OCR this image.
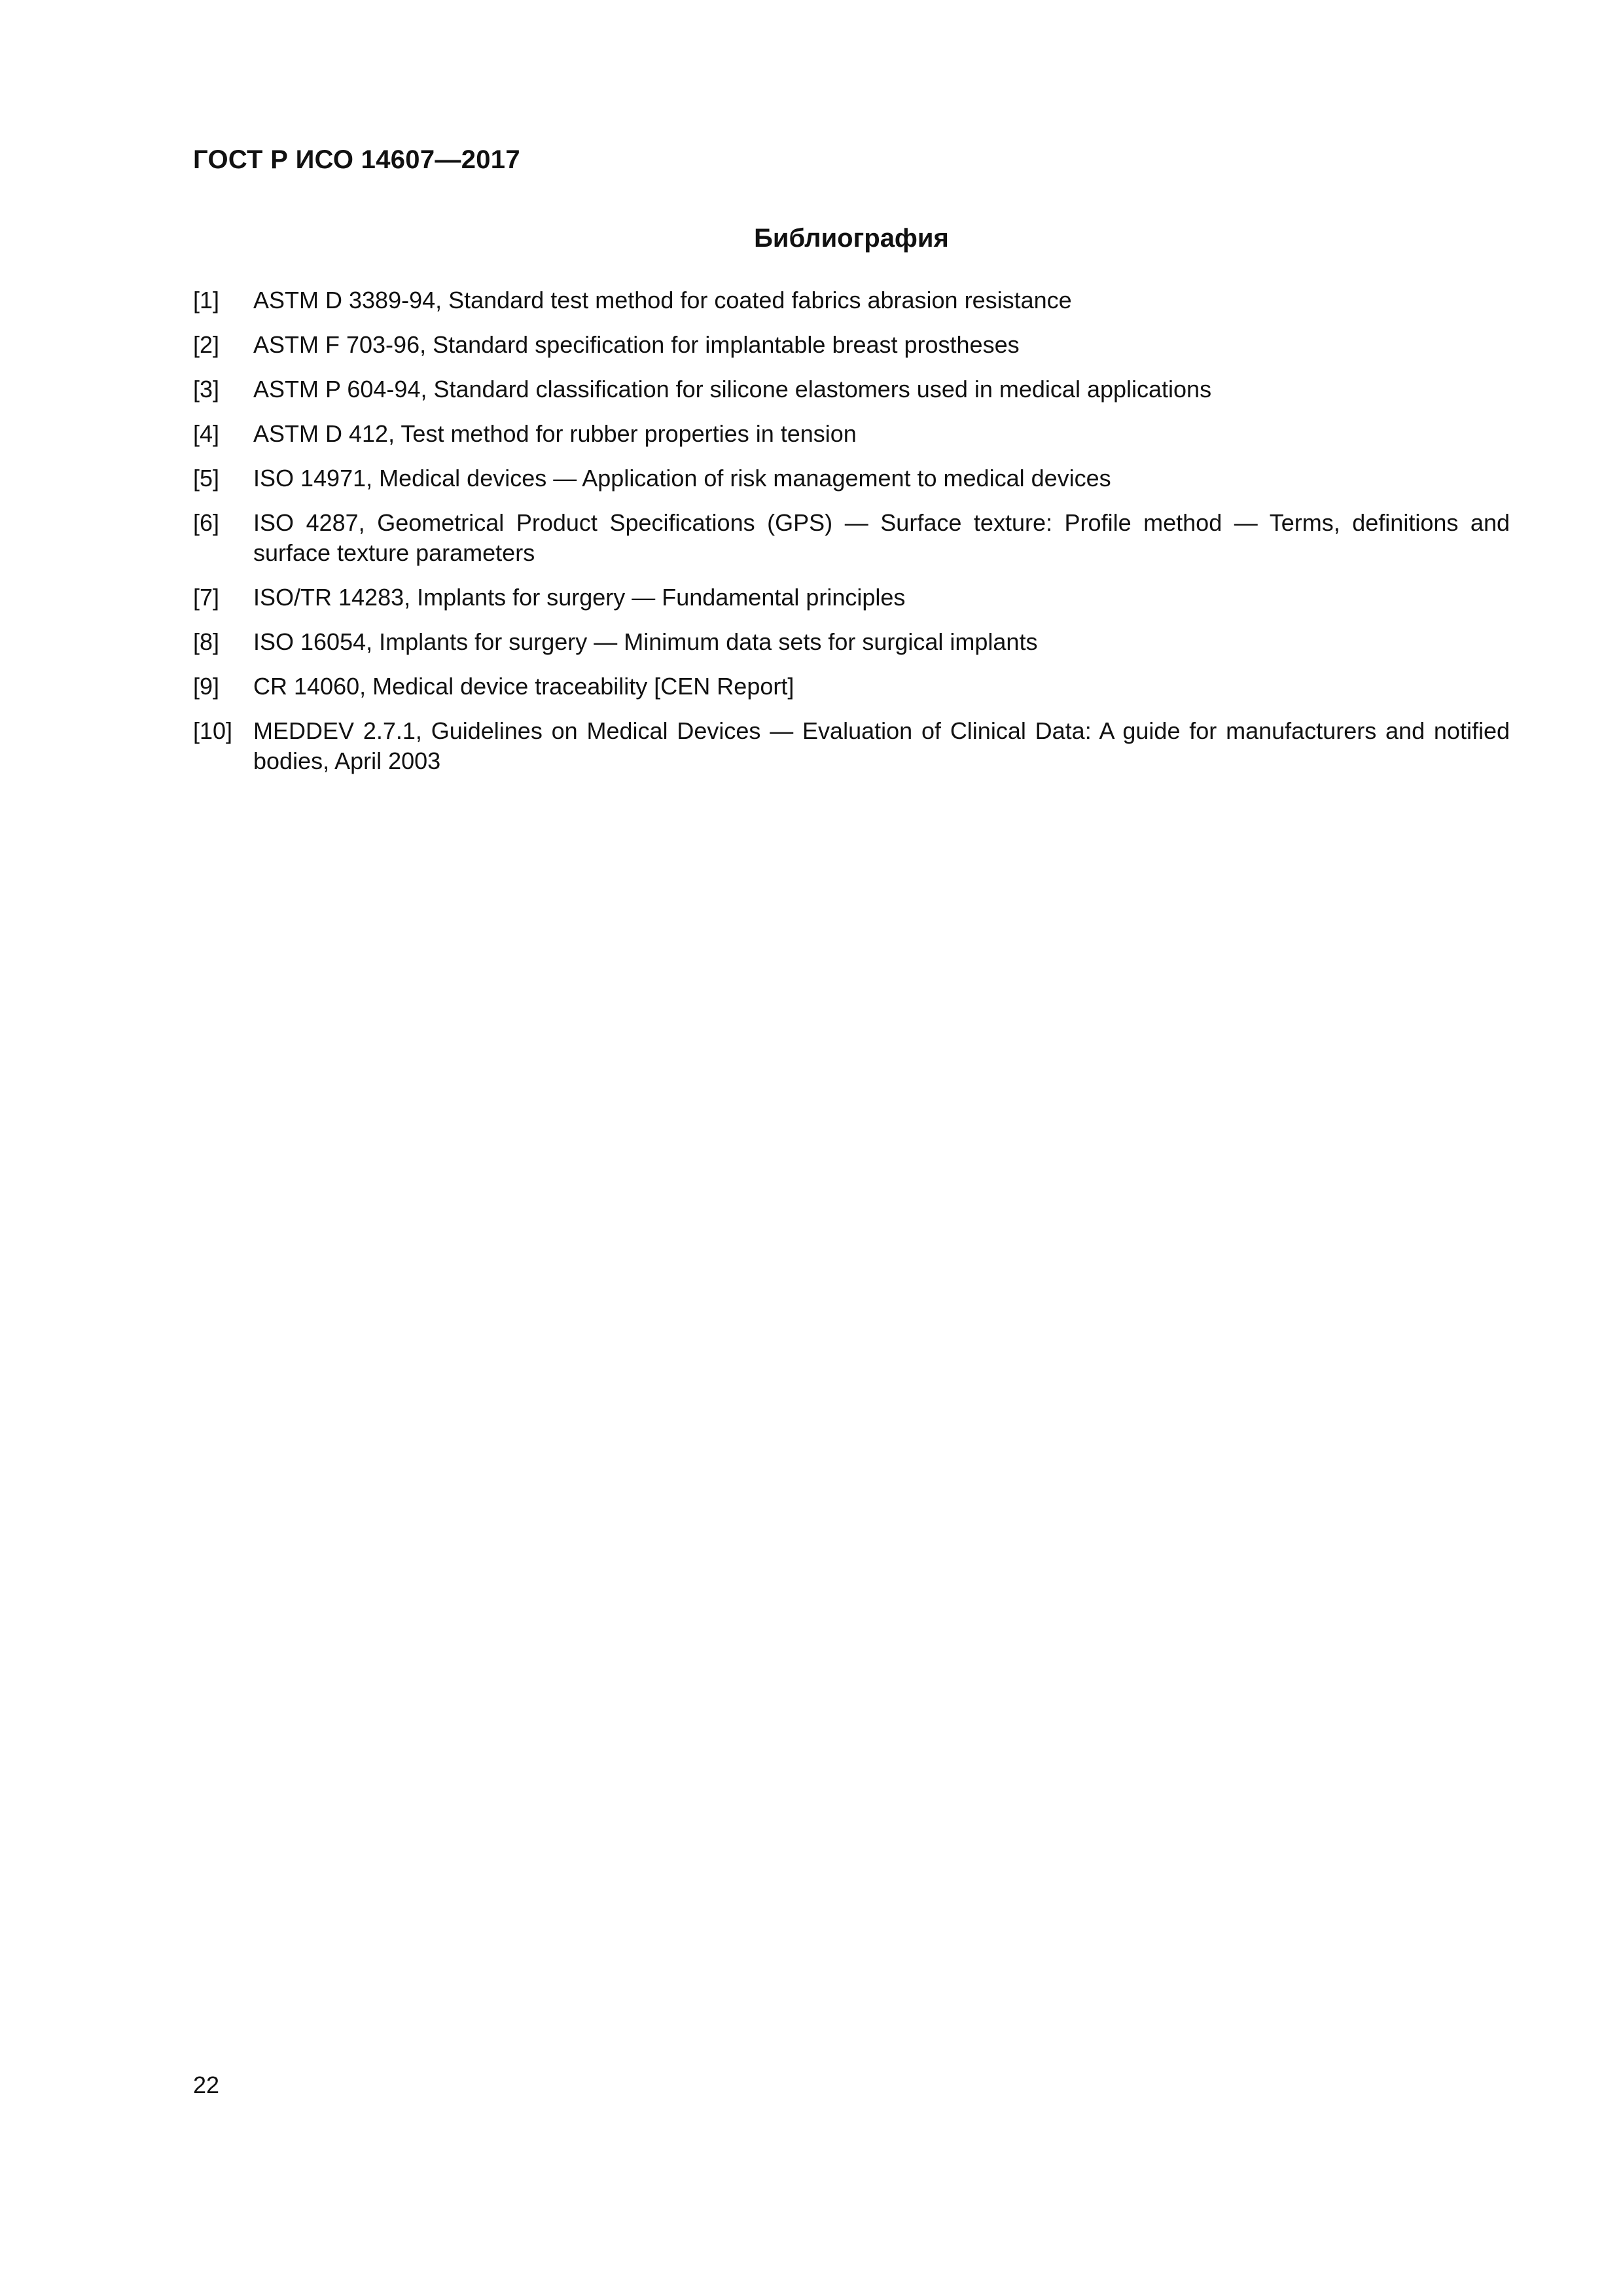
ГОСТ Р ИСО 14607—2017
Библиография
[1]	ASTM D 3389-94, Standard test method for coated fabrics abrasion resistance
[2]	ASTM F 703-96, Standard specification for implantable breast prostheses
[3]	ASTM P 604-94, Standard classification for silicone elastomers used in medical applications
[4]	ASTM D 412, Test method for rubber properties in tension
[5]	ISO 14971, Medical devices — Application of risk management to medical devices
[6]	ISO 4287, Geometrical Product Specifications (GPS) — Surface texture: Profile method — Terms, definitions and surface texture parameters
[7]	ISO/TR 14283, Implants for surgery — Fundamental principles
[8]	ISO 16054, Implants for surgery — Minimum data sets for surgical implants
[9]	CR 14060, Medical device traceability [CEN Report]
[10] MEDDEV 2.7.1, Guidelines on Medical Devices — Evaluation of Clinical Data: A guide for manufacturers and notified bodies, April 2003
22
